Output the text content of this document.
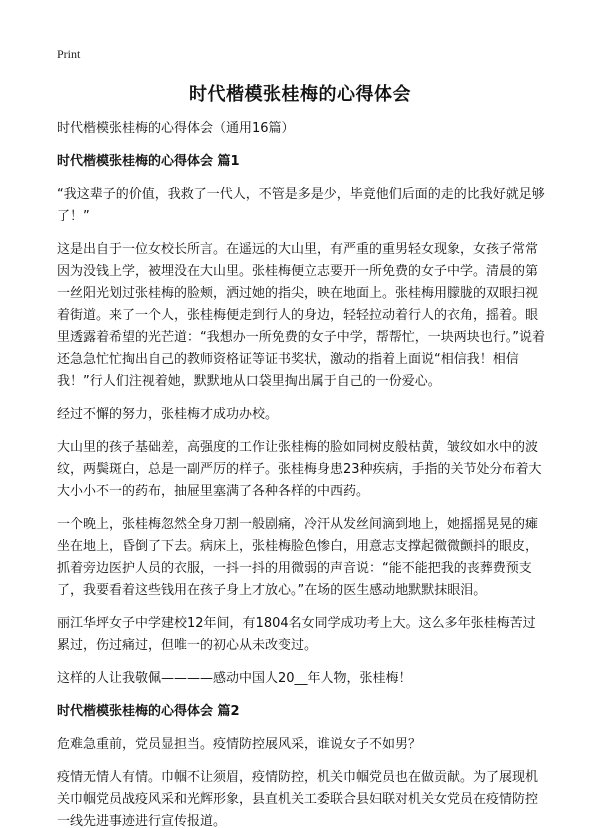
Print
时代楷模张桂梅的心得体会

时代楷模张桂梅的心得体会（通用16篇）

时代楷模张桂梅的心得体会 篇1

“我这辈子的价值，我救了一代人，不管是多是少，毕竟他们后面的走的比我好就足够了！”

这是出自于一位女校长所言。在遥远的大山里，有严重的重男轻女现象，女孩子常常因为没钱上学，被埋没在大山里。张桂梅便立志要开一所免费的女子中学。清晨的第一丝阳光划过张桂梅的脸颊，洒过她的指尖，映在地面上。张桂梅用朦胧的双眼扫视着街道。来了一个人，张桂梅便走到行人的身边，轻轻拉动着行人的衣角，摇着。眼里透露着希望的光芒道：“我想办一所免费的女子中学，帮帮忙，一块两块也行。”说着还急急忙忙掏出自己的教师资格证等证书奖状，激动的指着上面说“相信我！相信我！”行人们注视着她，默默地从口袋里掏出属于自己的一份爱心。

经过不懈的努力，张桂梅才成功办校。

大山里的孩子基础差，高强度的工作让张桂梅的脸如同树皮般枯黄，皱纹如水中的波纹，两鬓斑白，总是一副严厉的样子。张桂梅身患23种疾病，手指的关节处分布着大大小小不一的药布，抽屉里塞满了各种各样的中西药。

一个晚上，张桂梅忽然全身刀割一般剧痛，冷汗从发丝间滴到地上，她摇摇晃晃的瘫坐在地上，昏倒了下去。病床上，张桂梅脸色惨白，用意志支撑起微微颤抖的眼皮，抓着旁边医护人员的衣服，一抖一抖的用微弱的声音说：“能不能把我的丧葬费预支了，我要看着这些钱用在孩子身上才放心。”在场的医生感动地默默抹眼泪。

丽江华坪女子中学建校12年间，有1804名女同学成功考上大。这么多年张桂梅苦过累过，伤过痛过，但唯一的初心从未改变过。

这样的人让我敬佩————感动中国人20__年人物，张桂梅！

时代楷模张桂梅的心得体会 篇2

危难急重前，党员显担当。疫情防控展风采，谁说女子不如男？

疫情无情人有情。巾帼不让须眉，疫情防控，机关巾帼党员也在做贡献。为了展现机关巾帼党员战疫风采和光辉形象，县直机关工委联合县妇联对机关女党员在疫情防控一线先进事迹进行宣传报道。
